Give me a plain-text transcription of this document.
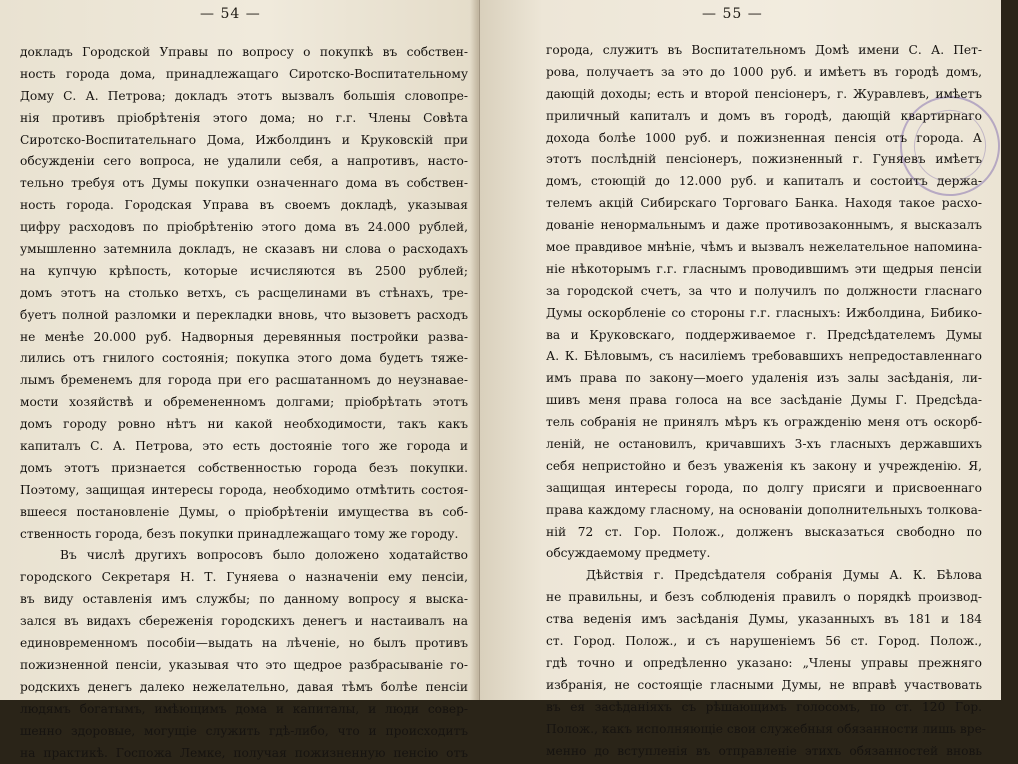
— 54 —
докладъ Городской Управы по вопросу о покупкѣ въ собствен-
ность города дома, принадлежащаго Сиротско-Воспитательному
Дому С. А. Петрова; докладъ этотъ вызвалъ большiя словопре-
нiя противъ прiобрѣтенiя этого дома; но г.г. Члены Совѣта
Сиротско-Воспитательнаго Дома, Ижболдинъ и Круковскiй при
обсужденiи сего вопроса, не удалили себя, а напротивъ, насто-
тельно требуя отъ Думы покупки означеннаго дома въ собствен-
ность города. Городская Управа въ своемъ докладѣ, указывая
цифру расходовъ по прiобрѣтенiю этого дома въ 24.000 рублей,
умышленно затемнила докладъ, не сказавъ ни слова о расходахъ
на купчую крѣпость, которые исчисляются въ 2500 рублей;
домъ этотъ на столько ветхъ, съ расщелинами въ стѣнахъ, тре-
буетъ полной разломки и перекладки вновь, что вызоветъ расходъ
не менѣе 20.000 руб. Надворныя деревянныя постройки развa-
лились отъ гнилого состоянiя; покупка этого дома будетъ тяже-
лымъ бременемъ для города при его расшатанномъ до неузнавае-
мости хозяйствѣ и обремененномъ долгами; прiобрѣтать этотъ
домъ городу ровно нѣтъ ни какой необходимости, такъ какъ
капиталъ С. А. Петрова, это есть достоянiе того же города и
домъ этотъ признается собственностью города безъ покупки.
Поэтому, защищая интересы города, необходимо отмѣтить состоя-
вшееся постановленiе Думы, о прiобрѣтенiи имущества въ соб-
ственность города, безъ покупки принадлежащаго тому же городу.
Въ числѣ другихъ вопросовъ было доложено ходатайство
городского Секретаря Н. Т. Гуняева о назначенiи ему пенсiи,
въ виду оставленiя имъ службы; по данному вопросу я выска-
зался въ видахъ сбереженiя городскихъ денегъ и настаивалъ на
единовременномъ пособiи—выдать на лѣченiе, но былъ противъ
пожизненной пенсiи, указывая что это щедрое разбрасыванiе го-
родскихъ денегъ далеко нежелательно, давая тѣмъ болѣе пенсiи
людямъ богатымъ, имѣющимъ дома и капиталы, и люди совер-
шенно здоровые, могущiе служить гдѣ-либо, что и происходитъ
на практикѣ. Госпожа Лемке, получая пожизненную пенсiю отъ
— 55 —
города, служитъ въ Воспитательномъ Домѣ имени С. А. Пет-
рова, получаетъ за это до 1000 руб. и имѣетъ въ городѣ домъ,
дающiй доходы; есть и второй пенсiонеръ, г. Журавлевъ, имѣетъ
приличный капиталъ и домъ въ городѣ, дающiй квартирнаго
дохода болѣе 1000 руб. и пожизненная пенсiя отъ города. А
этотъ послѣдній пенсiонеръ, пожизненный г. Гуняевъ имѣетъ
домъ, стоющiй до 12.000 руб. и капиталъ и состоитъ держа-
телемъ акцiй Сибирскаго Торговаго Банка. Находя такое расхо-
дованiе ненормальнымъ и даже противозаконнымъ, я высказалъ
мое правдивое мнѣнiе, чѣмъ и вызвалъ нежелательное напомина-
нiе нѣкоторымъ г.г. гласнымъ проводившимъ эти щедрыя пенсiи
за городской счетъ, за что и получилъ по должности гласнаго
Думы оскорбленiе со стороны г.г. гласныхъ: Ижболдина, Бибико-
ва и Круковскаго, поддерживаемое г. Предсѣдателемъ Думы
А. К. Бѣловымъ, съ насилiемъ требовавшихъ непредоставленнаго
имъ права по закону—моего удаленiя изъ залы засѣданiя, ли-
шивъ меня права голоса на все засѣданiе Думы Г. Предсѣда-
тель собранiя не принялъ мѣръ къ огражденiю меня отъ оскорб-
ленiй, не остановилъ, кричавшихъ 3-хъ гласныхъ державшихъ
себя непристойно и безъ уваженiя къ закону и учрежденiю. Я,
защищая интересы города, по долгу присяги и присвоеннаго
права каждому гласному, на основанiи дополнительныхъ толкова-
нiй 72 ст. Гор. Полож., долженъ высказаться свободно по
обсуждаемому предмету.
Дѣйствiя г. Предсѣдателя собранiя Думы А. К. Бѣлова
не правильны, и безъ соблюденiя правилъ о порядкѣ производ-
ства веденiя имъ засѣданiя Думы, указанныхъ въ 181 и 184
ст. Город. Полож., и съ нарушенiемъ 56 ст. Город. Полож.,
гдѣ точно и опредѣленно указано: „Члены управы прежняго
избранiя, не состоящiе гласными Думы, не вправѣ участвовать
въ ея засѣданiяхъ съ рѣшающимъ голосомъ, по ст. 120 Гор.
Полож., какъ исполняющiе свои служебныя обязанности лишь вре-
менно до вступленiя въ отправленiе этихъ обязанностей вновь
